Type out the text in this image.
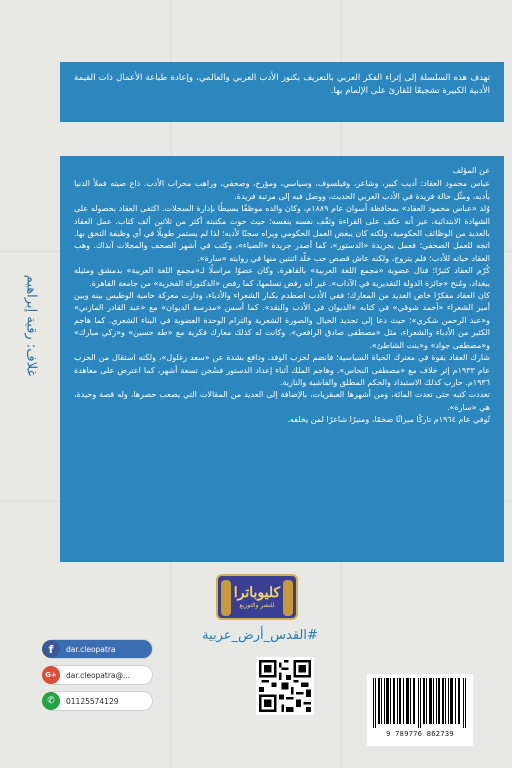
تهدف هذه السلسلة إلى إثراء الفكر العربي بالتعريف بكنوز الأدب العربي والعالمي، وإعادة طباعة الأعمال ذات القيمة الأدبية الكبيرة تشجيعًا للقارئ على الإلمام بها.

عن المؤلف

عباس محمود العقاد: أديب كبير، وشاعر، وفيلسوف، وسياسي، ومؤرخ، وصحفي، وراهب محراب الأدب. ذاع صيته فملأ الدنيا بأدبه، ومثّل حالة فريدة في الأدب العربي الحديث، ووصل فيه إلى مرتبة فريدة.

وُلد «عباس محمود العقاد» بمحافظة أسوان عام ١٨٨٩م، وكان والده موظفًا بسيطًا بإدارة السجلات. اكتفى العقاد بحصوله على الشهادة الابتدائية، غير أنه عكف على القراءة وثقّف نفسه بنفسه؛ حيث حوت مكتبته أكثر من ثلاثين ألف كتاب. عمل العقاد بالعديد من الوظائف الحكومية، ولكنه كان يبغض العمل الحكومي ويراه سجنًا لأدبه؛ لذا لم يستمر طويلًا في أي وظيفة التحق بها. اتجه للعمل الصحفي؛ فعمل بجريدة «الدستور»، كما أصدر جريدة «الضياء»، وكتب في أشهر الصحف والمجلات آنذاك. وهب العقاد حياته للأدب؛ فلم يتزوج، ولكنه عاش قصص حب خلّد اثنتين منها في روايته «سارة».

كُرّم العقاد كثيرًا؛ فنال عضوية «مجمع اللغة العربية» بالقاهرة، وكان عضوًا مراسلًا لـ«مجمع اللغة العربية» بدمشق ومثيله ببغداد، ومُنح «جائزة الدولة التقديرية في الآداب». غير أنه رفض تسلمها، كما رفض «الدكتوراه الفخرية» من جامعة القاهرة.

كان العقاد مفكرًا خاض العديد من المعارك؛ ففي الأدب اصطدم بكبار الشعراء والأدباء، ودارت معركة حامية الوطيس بينه وبين أمير الشعراء «أحمد شوقي» في كتابه «الديوان في الأدب والنقد». كما أسس «مدرسة الديوان» مع «عبد القادر المازني» و«عبد الرحمن شكري»؛ حيث دعا إلى تجديد الخيال والصورة الشعرية والتزام الوحدة العضوية في البناء الشعري. كما هاجم الكثير من الأدباء والشعراء، مثل «مصطفى صادق الرافعي». وكانت له كذلك معارك فكرية مع «طه حسين» و«زكي مبارك» و«مصطفى جواد» و«بنت الشاطئ».

شارك العقاد بقوة في معترك الحياة السياسية؛ فانضم لحزب الوفد، ودافع بشدة عن «سعد زغلول»، ولكنه استقال من الحزب عام ١٩٣٣م إثر خلاف مع «مصطفى النحاس». وهاجم الملك أثناء إعداد الدستور فسُجن تسعة أشهر، كما اعترض على معاهدة ١٩٣٦م. حارب كذلك الاستبداد والحكم المطلق والفاشية والنازية.

تعددت كتبه حتى تعدت المائة، ومن أشهرها العبقريات، بالإضافة إلى العديد من المقالات التي يصعب حصرها، وله قصة وحيدة، هي «سارة».

تُوفي عام ١٩٦٤م تاركًا ميراثًا ضخمًا، ومنيرًا شاعرًا لمن يخلفه.

غلاف: رقية إبراهيم
كليوباترا
للنشر والتوزيع
#القدس_أرض_عربية
f	dar.cleopatra
G+	dar.cleopatra@...
✆	01125574129
9 789776 862739
